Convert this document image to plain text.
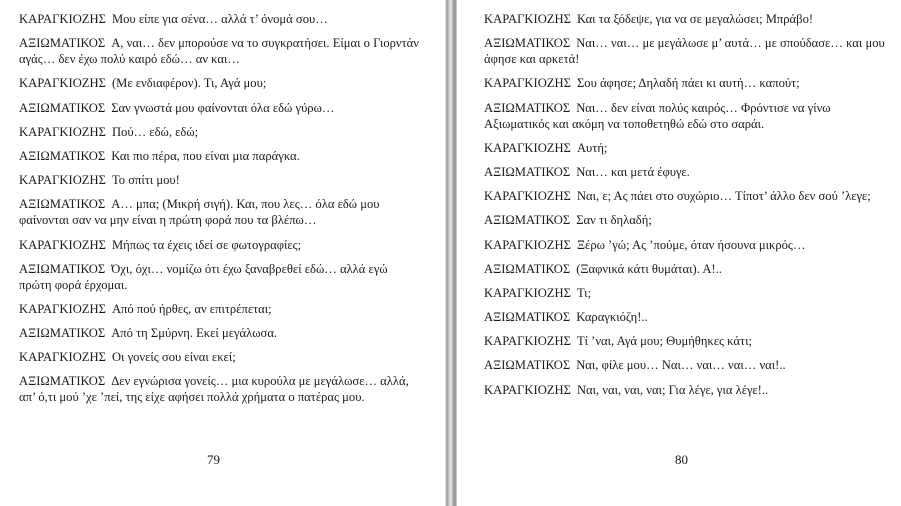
ΚΑΡΑΓΚΙΟΖΗΣ Μου είπε για σένα… αλλά τ’ όνομά σου…

ΑΞΙΩΜΑΤΙΚΟΣ Α, ναι… δεν μπορούσε να το συγκρατήσει. Είμαι ο Γιορντάν αγάς… δεν έχω πολύ καιρό εδώ… αν και…

ΚΑΡΑΓΚΙΟΖΗΣ (Με ενδιαφέρον). Τι, Αγά μου;

ΑΞΙΩΜΑΤΙΚΟΣ Σαν γνωστά μου φαίνονται όλα εδώ γύρω…

ΚΑΡΑΓΚΙΟΖΗΣ Πού… εδώ, εδώ;

ΑΞΙΩΜΑΤΙΚΟΣ Και πιο πέρα, που είναι μια παράγκα.

ΚΑΡΑΓΚΙΟΖΗΣ Το σπίτι μου!

ΑΞΙΩΜΑΤΙΚΟΣ Α… μπα; (Μικρή σιγή). Και, που λες… όλα εδώ μου φαίνονται σαν να μην είναι η πρώτη φορά που τα βλέπω…

ΚΑΡΑΓΚΙΟΖΗΣ Μήπως τα έχεις ιδεί σε φωτογραφίες;

ΑΞΙΩΜΑΤΙΚΟΣ Όχι, όχι… νομίζω ότι έχω ξαναβρεθεί εδώ… αλλά εγώ πρώτη φορά έρχομαι.

ΚΑΡΑΓΚΙΟΖΗΣ Από πού ήρθες, αν επιτρέπεται;

ΑΞΙΩΜΑΤΙΚΟΣ Από τη Σμύρνη. Εκεί μεγάλωσα.

ΚΑΡΑΓΚΙΟΖΗΣ Οι γονείς σου είναι εκεί;

ΑΞΙΩΜΑΤΙΚΟΣ Δεν εγνώρισα γονείς… μια κυρούλα με μεγάλωσε… αλλά, απ’ ό,τι μού ’χε ’πεί, της είχε αφήσει πολλά χρήματα ο πατέρας μου.

79

ΚΑΡΑΓΚΙΟΖΗΣ Και τα ξόδεψε, για να σε μεγαλώσει; Μπράβο!

ΑΞΙΩΜΑΤΙΚΟΣ Ναι… ναι… με μεγάλωσε μ’ αυτά… με σπούδασε… και μου άφησε και αρκετά!

ΚΑΡΑΓΚΙΟΖΗΣ Σου άφησε; Δηλαδή πάει κι αυτή… καπούτ;

ΑΞΙΩΜΑΤΙΚΟΣ Ναι… δεν είναι πολύς καιρός… Φρόντισε να γίνω Αξιωματικός και ακόμη να τοποθετηθώ εδώ στο σαράι.

ΚΑΡΑΓΚΙΟΖΗΣ Αυτή;

ΑΞΙΩΜΑΤΙΚΟΣ Ναι… και μετά έφυγε.

ΚΑΡΑΓΚΙΟΖΗΣ Ναι, ε; Ας πάει στο συχώριο… Τίποτ’ άλλο δεν σού ’λεγε;

ΑΞΙΩΜΑΤΙΚΟΣ Σαν τι δηλαδή;

ΚΑΡΑΓΚΙΟΖΗΣ Ξέρω ’γώ; Ας ’πούμε, όταν ήσουνα μικρός…

ΑΞΙΩΜΑΤΙΚΟΣ (Ξαφνικά κάτι θυμάται). Α!..

ΚΑΡΑΓΚΙΟΖΗΣ Τι;

ΑΞΙΩΜΑΤΙΚΟΣ Καραγκιόζη!..

ΚΑΡΑΓΚΙΟΖΗΣ Τί ’ναι, Αγά μου; Θυμήθηκες κάτι;

ΑΞΙΩΜΑΤΙΚΟΣ Ναι, φίλε μου… Ναι… ναι… ναι… ναι!..

ΚΑΡΑΓΚΙΟΖΗΣ Ναι, ναι, ναι, ναι; Για λέγε, για λέγε!..

80
